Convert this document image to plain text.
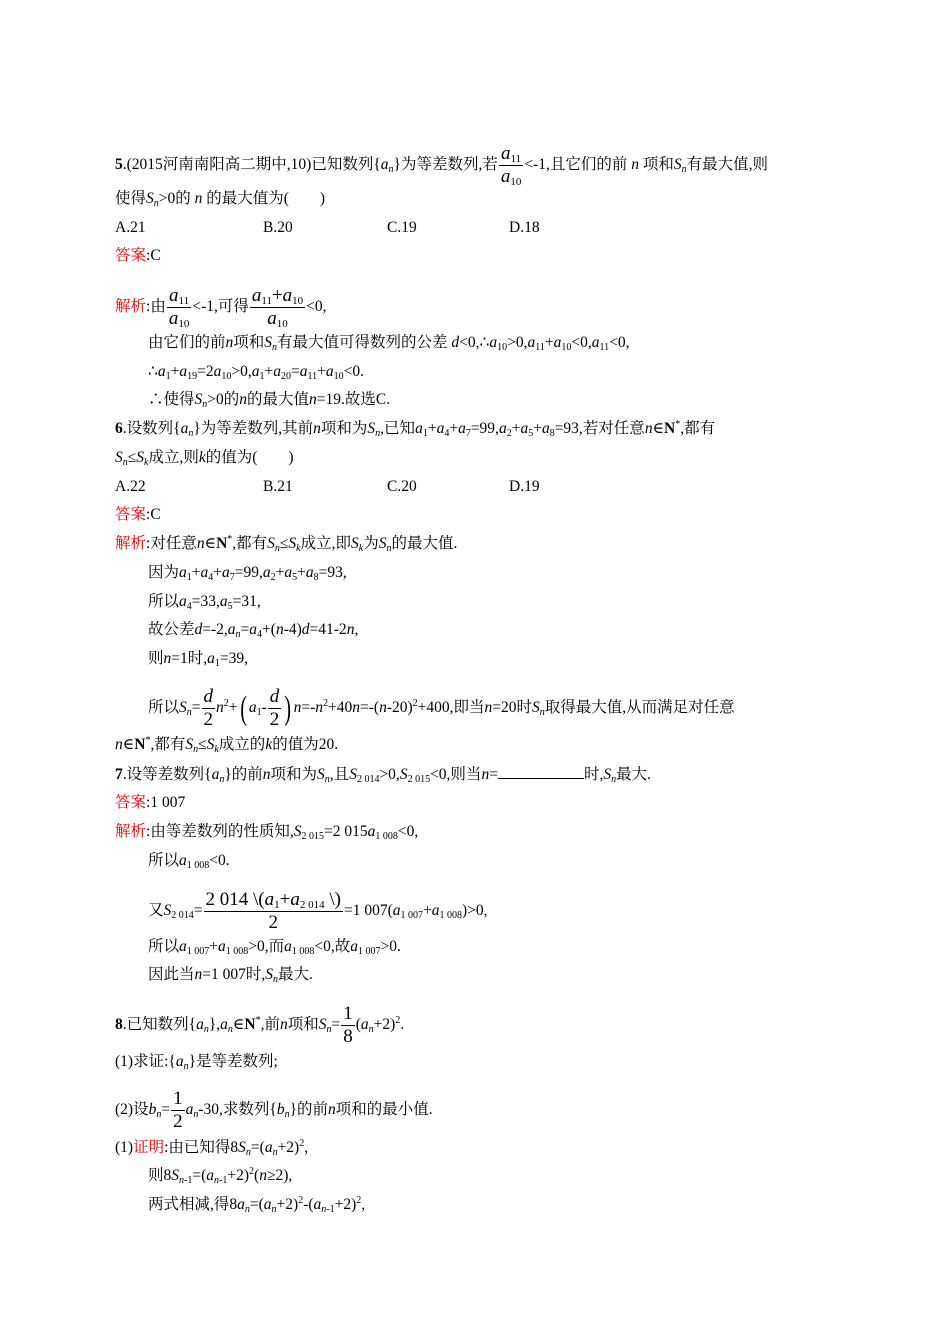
5.(2015河南南阳高二期中,10)已知数列$\{a_n\}$为等差数列,若 $\frac{a_{11}}{a_{10}} <-1$,且它们的前 n 项和$S_n$有最大值,则
使得$S_n>0$的 n 的最大值为(　　)
A.21	B.20	C.19	D.18
答案:C
解析:由 $\frac{a_{11}}{a_{10}} <-1$,可得 $\frac{a_{11}+a_{10}}{a_{10}} <0$,
由它们的前n项和$S_n$有最大值可得数列的公差 $d<0,\therefore a_{10}>0,a_{11}+a_{10}<0,a_{11}<0$,
$\therefore a_1+a_{19}=2a_{10}>0,a_1+a_{20}=a_{11}+a_{10}<0$.
∴使得$S_n>0$的n的最大值n=19.故选C.
6.设数列$\{a_n\}$为等差数列,其前n项和为$S_n$,已知$a_1+a_4+a_7=99,a_2+a_5+a_8=93$,若对任意n∈N*,都有
$S_n\le S_k$成立,则k的值为(　　)
A.22	B.21	C.20	D.19
答案:C
解析:对任意n∈N*,都有$S_n\le S_k$成立,即$S_k$为$S_n$的最大值.
因为$a_1+a_4+a_7=99,a_2+a_5+a_8=93$,
所以$a_4=33,a_5=31$,
故公差$d=-2,a_n=a_4+(n-4)d=41-2n$,
则n=1时$,a_1=39$,
所以$S_n= \frac{d}{2} n^2+$( $a_1- \frac{d}{2}$ ) $n=-n^2+40n=-(n-20)^2+400$,即当n=20时$S_n$取得最大值,从而满足对任意
n∈N*,都有$S_n\le S_k$成立的k的值为20.
7.设等差数列$\{a_n\}$的前n项和为$S_n$,且$S_{2 014}>0,S_{2 015}<0$,则当n=	时$,S_n$最大.
答案:1 007
解析:由等差数列的性质知$,S_{2 015}=2$ $015a_{1 008}<0$,
所以$a_{1 008}<0$.
又$S_{2 014}= \frac{2 014 \backslash(a_1+a_{2 014} \backslash)}{2} =1$ $007(a_{1 007}+a_{1 008})>0$,
所以$a_{1 007}+a_{1 008}>0$,而$a_{1 008}<0$,故$a_{1 007}>0$.
因此当n=1 007时$,S_n$最大.
8.已知数列$\{a_n\},a_n\in N^*$,前n项和$S_n= \frac{1}{8} (a_n+2)^2$.
(1)求证$:\{a_n\}$是等差数列;
(2)设$b_n= \frac{1}{2} a_n-30$,求数列$\{b_n\}$的前n项和的最小值.
(1)证明:由已知得$8S_n=(a_n+2)^2$,
则$8S_{n-1}=(a_{n-1}+2)^2(n\ge 2)$,
两式相减,得$8a_n=(a_n+2)^2-(a_{n-1}+2)^2$,
